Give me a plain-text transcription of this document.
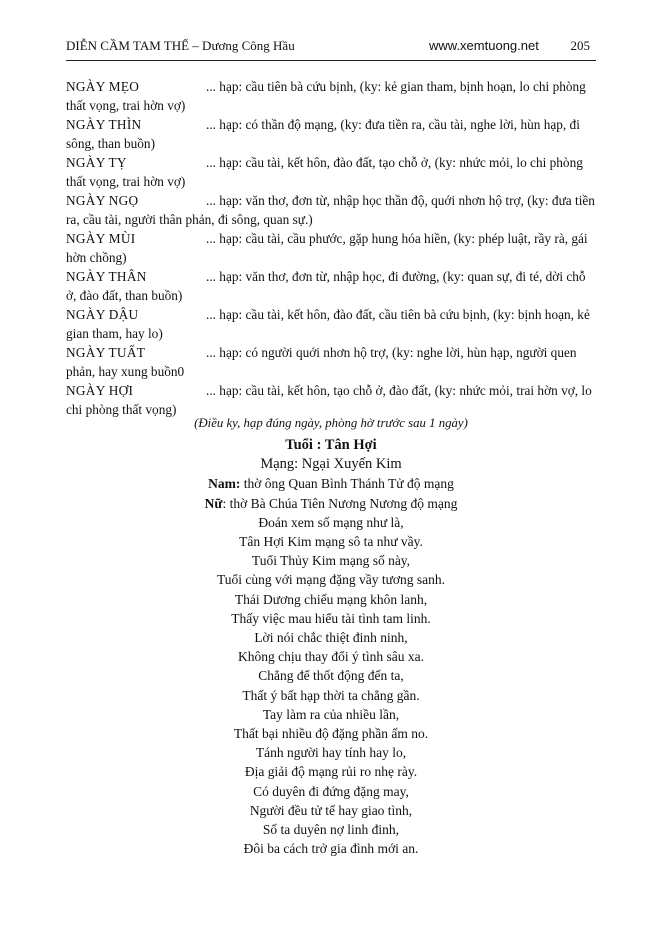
DIỄN CẦM TAM THẾ – Dương Công Hầu	www.xemtuong.net 205

NGÀY MẸO	... hạp: cầu tiên bà cứu bịnh, (ky: kẻ gian tham, bịnh hoạn, lo chi phòng thất vọng, trai hờn vợ)

NGÀY THÌN	... hạp: có thần độ mạng, (ky: đưa tiền ra, cầu tài, nghe lời, hùn hạp, đi sông, than buồn)

NGÀY TỴ	... hạp: cầu tài, kết hôn, đào đất, tạo chỗ ở, (ky: nhức mỏi, lo chi phòng thất vọng, trai hờn vợ)

NGÀY NGỌ	... hạp: văn thơ, đơn từ, nhập học thần độ, quới nhơn hộ trợ, (ky: đưa tiền ra, cầu tài, người thân phản, đi sông, quan sự.)

NGÀY MÙI	... hạp: cầu tài, cầu phước, gặp hung hóa hiền, (ky: phép luật, rầy rà, gái hờn chồng)

NGÀY THÂN	... hạp: văn thơ, đơn từ, nhập học, đi đường, (ky: quan sự, đi té, dời chỗ ở, đào đất, than buồn)

NGÀY DẬU	... hạp: cầu tài, kết hôn, đào đất, cầu tiên bà cứu bịnh, (ky: bịnh hoạn, kẻ gian tham, hay lo)

NGÀY TUẤT	... hạp: có người quới nhơn hộ trợ, (ky: nghe lời, hùn hạp, người quen phản, hay xung buồn0

NGÀY HỢI	... hạp: cầu tài, kết hôn, tạo chỗ ở, đào đất, (ky: nhức mỏi, trai hờn vợ, lo chi phòng thất vọng)

(Điều ky, hạp đúng ngày, phòng hờ trước sau 1 ngày)

Tuổi : Tân Hợi

Mạng: Ngại Xuyến Kim

Nam: thờ ông Quan Bình Thánh Tử độ mạng

Nữ: thờ Bà Chúa Tiên Nương Nương độ mạng

Đoán xem số mạng như là,

Tân Hợi Kim mạng sô ta như vầy.

Tuổi Thủy Kim mạng số này,

Tuổi cùng với mạng đặng vầy tương sanh.

Thái Dương chiếu mạng khôn lanh,

Thấy việc mau hiểu tài tình tam linh.

Lời nói chắc thiệt đinh ninh,

Không chịu thay đổi ý tình sâu xa.

Chẳng để thốt động đến ta,

Thất ý bất hạp thời ta chẳng gần.

Tay làm ra của nhiều lần,

Thất bại nhiều độ đặng phần ấm no.

Tánh người hay tính hay lo,

Địa giải độ mạng rủi ro nhẹ rày.

Có duyên đi đứng đặng may,

Người đều tử tế hay giao tình,

Số ta duyên nợ linh đinh,

Đôi ba cách trở gia đình mới an.
